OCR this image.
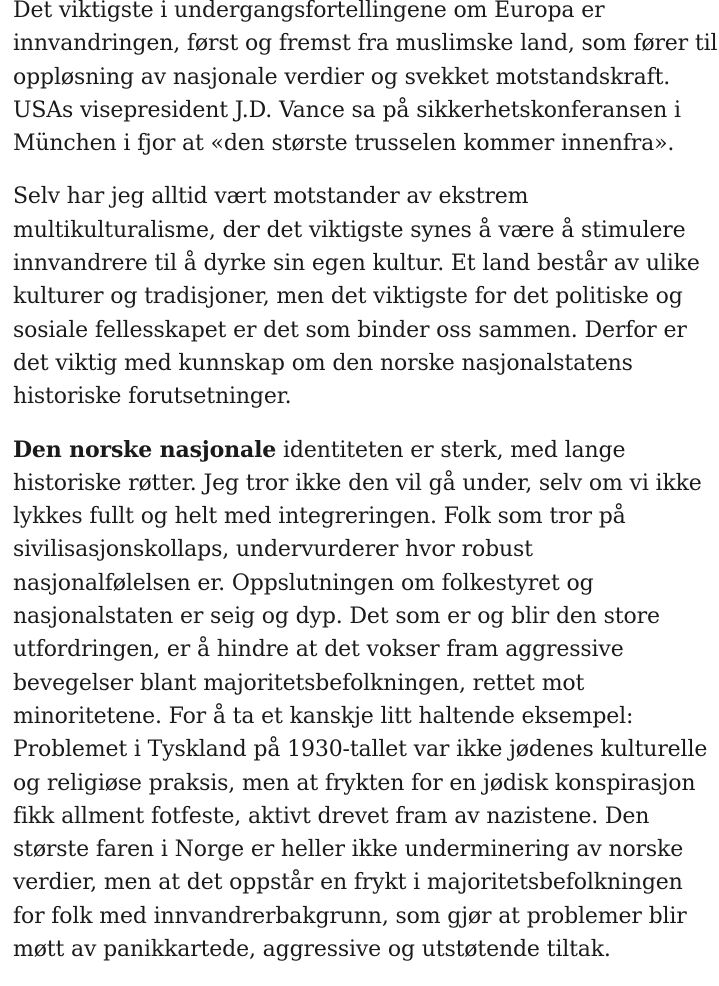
Det viktigste i undergangsfortellingene om Europa er
innvandringen, først og fremst fra muslimske land, som fører til
oppløsning av nasjonale verdier og svekket motstandskraft.
USAs visepresident J.D. Vance sa på sikkerhetskonferansen i
München i fjor at «den største trusselen kommer innenfra».

Selv har jeg alltid vært motstander av ekstrem
multikulturalisme, der det viktigste synes å være å stimulere
innvandrere til å dyrke sin egen kultur. Et land består av ulike
kulturer og tradisjoner, men det viktigste for det politiske og
sosiale fellesskapet er det som binder oss sammen. Derfor er
det viktig med kunnskap om den norske nasjonalstatens
historiske forutsetninger.

Den norske nasjonale identiteten er sterk, med lange
historiske røtter. Jeg tror ikke den vil gå under, selv om vi ikke
lykkes fullt og helt med integreringen. Folk som tror på
sivilisasjonskollaps, undervurderer hvor robust
nasjonalfølelsen er. Oppslutningen om folkestyret og
nasjonalstaten er seig og dyp. Det som er og blir den store
utfordringen, er å hindre at det vokser fram aggressive
bevegelser blant majoritetsbefolkningen, rettet mot
minoritetene. For å ta et kanskje litt haltende eksempel:
Problemet i Tyskland på 1930-tallet var ikke jødenes kulturelle
og religiøse praksis, men at frykten for en jødisk konspirasjon
fikk allment fotfeste, aktivt drevet fram av nazistene. Den
største faren i Norge er heller ikke underminering av norske
verdier, men at det oppstår en frykt i majoritetsbefolkningen
for folk med innvandrerbakgrunn, som gjør at problemer blir
møtt av panikkartede, aggressive og utstøtende tiltak.
